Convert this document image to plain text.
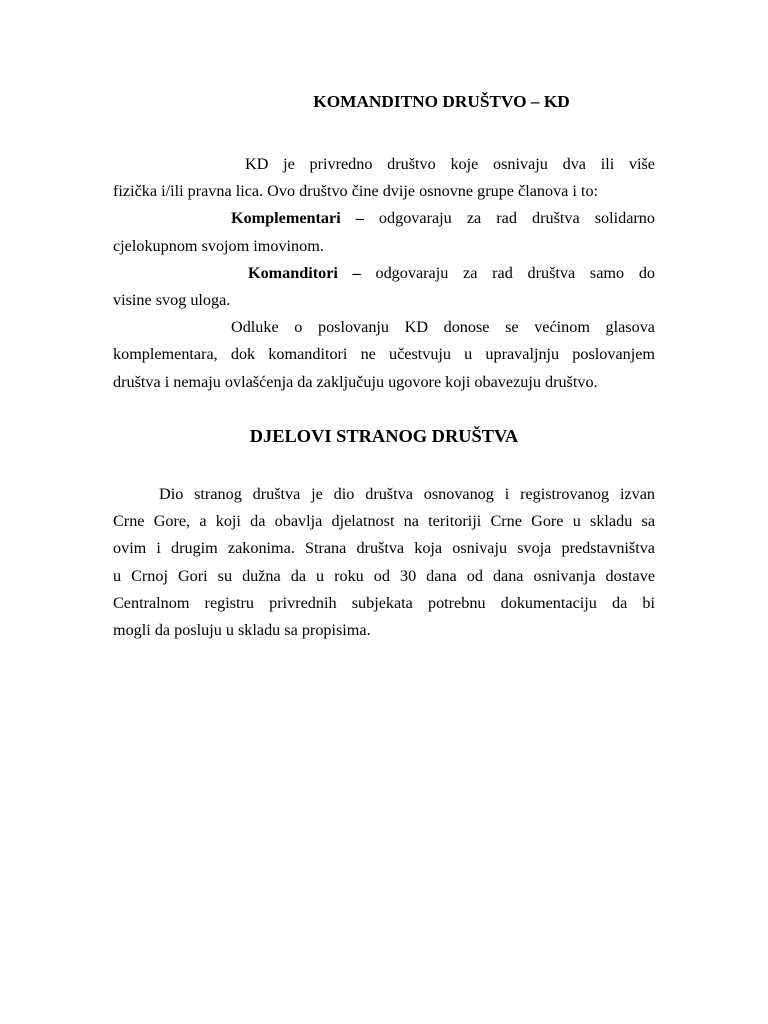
KOMANDITNO DRUŠTVO – KD
KD je privredno društvo koje osnivaju dva ili više
fizička i/ili pravna lica. Ovo društvo čine dvije osnovne grupe članova i to:
Komplementari – odgovaraju za rad društva solidarno
cjelokupnom svojom imovinom.
Komanditori – odgovaraju za rad društva samo do
visine svog uloga.
Odluke o poslovanju KD donose se većinom glasova
komplementara, dok komanditori ne učestvuju u upravaljnju poslovanjem
društva i nemaju ovlašćenja da zaključuju ugovore koji obavezuju društvo.
DJELOVI STRANOG DRUŠTVA
Dio stranog društva je dio društva osnovanog i registrovanog izvan
Crne Gore, a koji da obavlja djelatnost na teritoriji Crne Gore u skladu sa
ovim i drugim zakonima. Strana društva koja osnivaju svoja predstavništva
u Crnoj Gori su dužna da u roku od 30 dana od dana osnivanja dostave
Centralnom registru privrednih subjekata potrebnu dokumentaciju da bi
mogli da posluju u skladu sa propisima.
